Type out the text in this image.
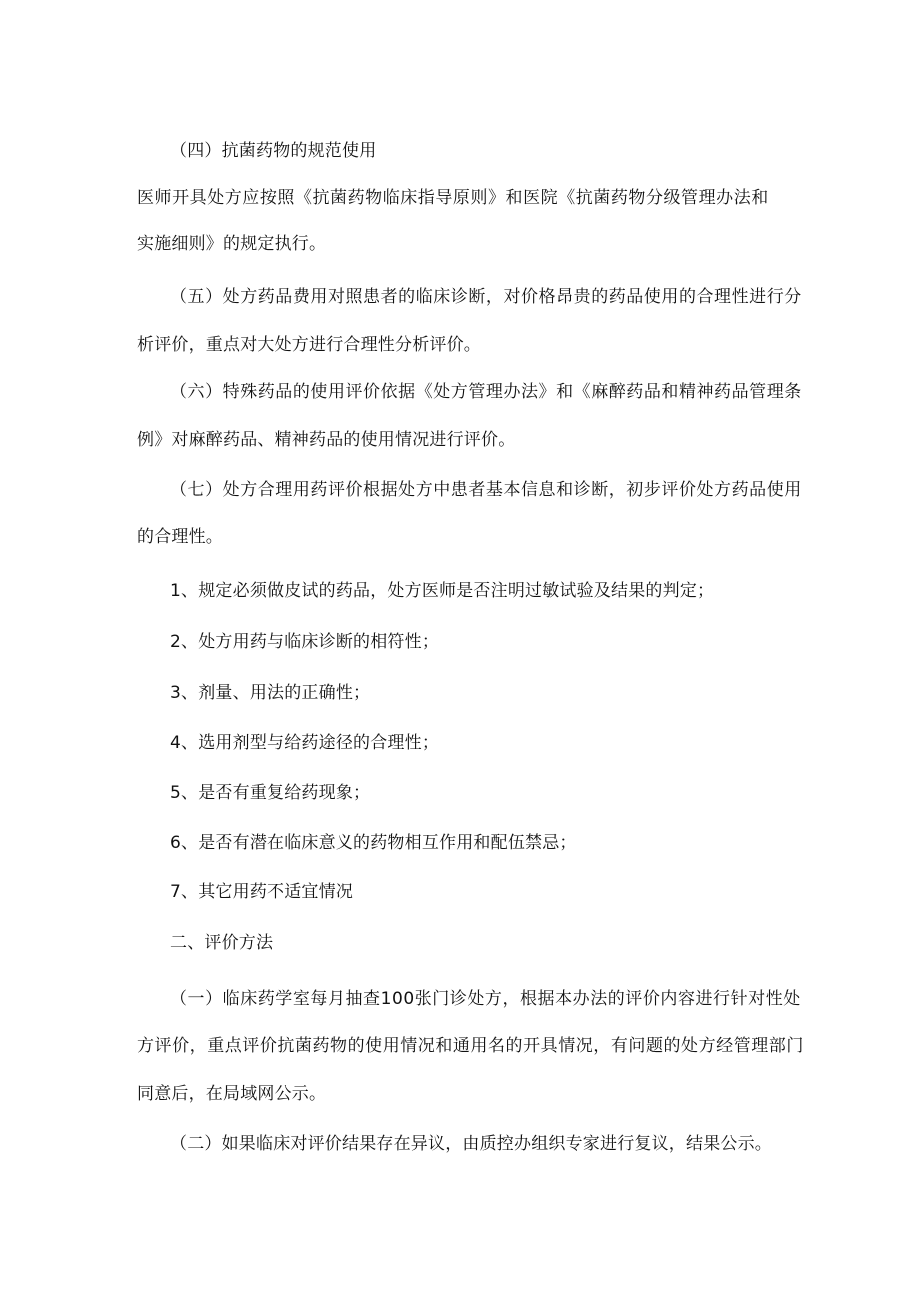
（四）抗菌药物的规范使用
医师开具处方应按照《抗菌药物临床指导原则》和医院《抗菌药物分级管理办法和
实施细则》的规定执行。
（五）处方药品费用对照患者的临床诊断，对价格昂贵的药品使用的合理性进行分
析评价，重点对大处方进行合理性分析评价。
（六）特殊药品的使用评价依据《处方管理办法》和《麻醉药品和精神药品管理条
例》对麻醉药品、精神药品的使用情况进行评价。
（七）处方合理用药评价根据处方中患者基本信息和诊断，初步评价处方药品使用
的合理性。
1、规定必须做皮试的药品，处方医师是否注明过敏试验及结果的判定；
2、处方用药与临床诊断的相符性；
3、剂量、用法的正确性；
4、选用剂型与给药途径的合理性；
5、是否有重复给药现象；
6、是否有潜在临床意义的药物相互作用和配伍禁忌；
7、其它用药不适宜情况
二、评价方法
（一）临床药学室每月抽查100张门诊处方，根据本办法的评价内容进行针对性处
方评价，重点评价抗菌药物的使用情况和通用名的开具情况，有问题的处方经管理部门
同意后，在局域网公示。
（二）如果临床对评价结果存在异议，由质控办组织专家进行复议，结果公示。
